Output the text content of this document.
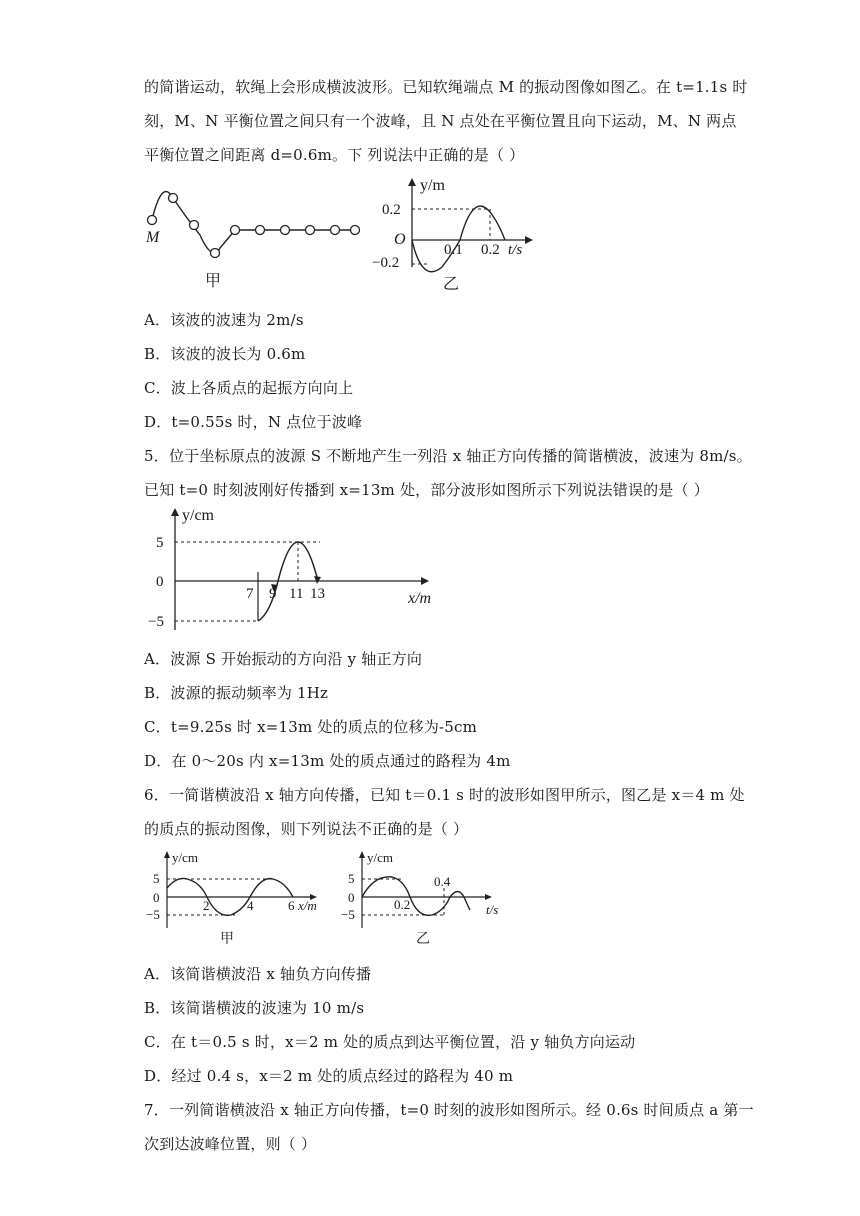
的简谐运动，软绳上会形成横波波形。已知软绳端点 M 的振动图像如图乙。在 t=1.1s 时
刻，M、N 平衡位置之间只有一个波峰，且 N 点处在平衡位置且向下运动，M、N 两点
平衡位置之间距离 d=0.6m。下 列说法中正确的是（ ）
M
甲
y/m
0.2
O
−0.2
0.1 0.2 t/s
乙
A．该波的波速为 2m/s
B．该波的波长为 0.6m
C．波上各质点的起振方向向上
D．t=0.55s 时，N 点位于波峰
5．位于坐标原点的波源 S 不断地产生一列沿 x 轴正方向传播的简谐横波，波速为 8m/s。
已知 t=0 时刻波刚好传播到 x=13m 处，部分波形如图所示下列说法错误的是（ ）
y/cm
5
0
−5
7 9 11 13	x/m
A．波源 S 开始振动的方向沿 y 轴正方向
B．波源的振动频率为 1Hz
C．t=9.25s 时 x=13m 处的质点的位移为-5cm
D．在 0～20s 内 x=13m 处的质点通过的路程为 4m
6．一简谐横波沿 x 轴方向传播，已知 t＝0.1 s 时的波形如图甲所示，图乙是 x＝4 m 处
的质点的振动图像，则下列说法不正确的是（ ）
y/cm
5
0
−5
2	4	6 x/m
甲
y/cm
5
0
−5
0.2
0.4
t/s
乙
A．该简谐横波沿 x 轴负方向传播
B．该简谐横波的波速为 10 m/s
C．在 t＝0.5 s 时，x＝2 m 处的质点到达平衡位置，沿 y 轴负方向运动
D．经过 0.4 s，x＝2 m 处的质点经过的路程为 40 m
7．一列简谐横波沿 x 轴正方向传播，t=0 时刻的波形如图所示。经 0.6s 时间质点 a 第一
次到达波峰位置，则（ ）
